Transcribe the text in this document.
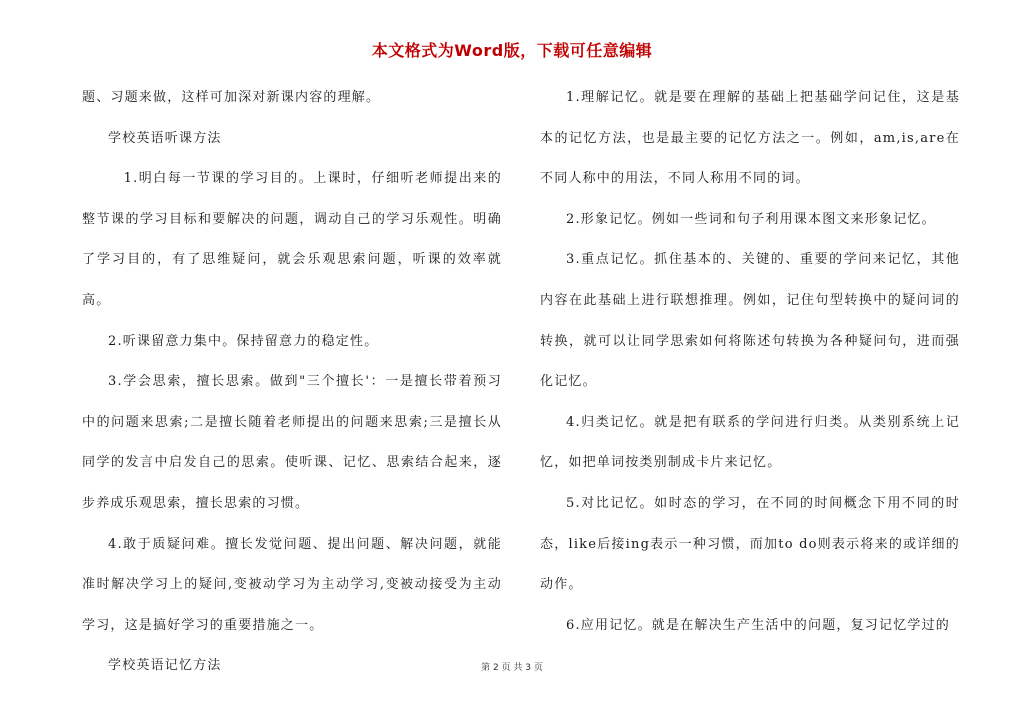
本文格式为Word版，下载可任意编辑

题、习题来做，这样可加深对新课内容的理解。

学校英语听课方法

1.明白每一节课的学习目的。上课时，仔细听老师提出来的整节课的学习目标和要解决的问题，调动自己的学习乐观性。明确了学习目的，有了思维疑问，就会乐观思索问题，听课的效率就高。

2.听课留意力集中。保持留意力的稳定性。

3.学会思索，擅长思索。做到"三个擅长'：一是擅长带着预习中的问题来思索;二是擅长随着老师提出的问题来思索;三是擅长从同学的发言中启发自己的思索。使听课、记忆、思索结合起来，逐步养成乐观思索，擅长思索的习惯。

4.敢于质疑问难。擅长发觉问题、提出问题、解决问题，就能准时解决学习上的疑问,变被动学习为主动学习,变被动接受为主动学习，这是搞好学习的重要措施之一。

学校英语记忆方法

1.理解记忆。就是要在理解的基础上把基础学问记住，这是基本的记忆方法，也是最主要的记忆方法之一。例如，am,is,are在不同人称中的用法，不同人称用不同的词。

2.形象记忆。例如一些词和句子利用课本图文来形象记忆。

3.重点记忆。抓住基本的、关键的、重要的学问来记忆，其他内容在此基础上进行联想推理。例如，记住句型转换中的疑问词的转换，就可以让同学思索如何将陈述句转换为各种疑问句，进而强化记忆。

4.归类记忆。就是把有联系的学问进行归类。从类别系统上记忆，如把单词按类别制成卡片来记忆。

5.对比记忆。如时态的学习，在不同的时间概念下用不同的时态，like后接ing表示一种习惯，而加to do则表示将来的或详细的动作。

6.应用记忆。就是在解决生产生活中的问题，复习记忆学过的

第 2 页 共 3 页
